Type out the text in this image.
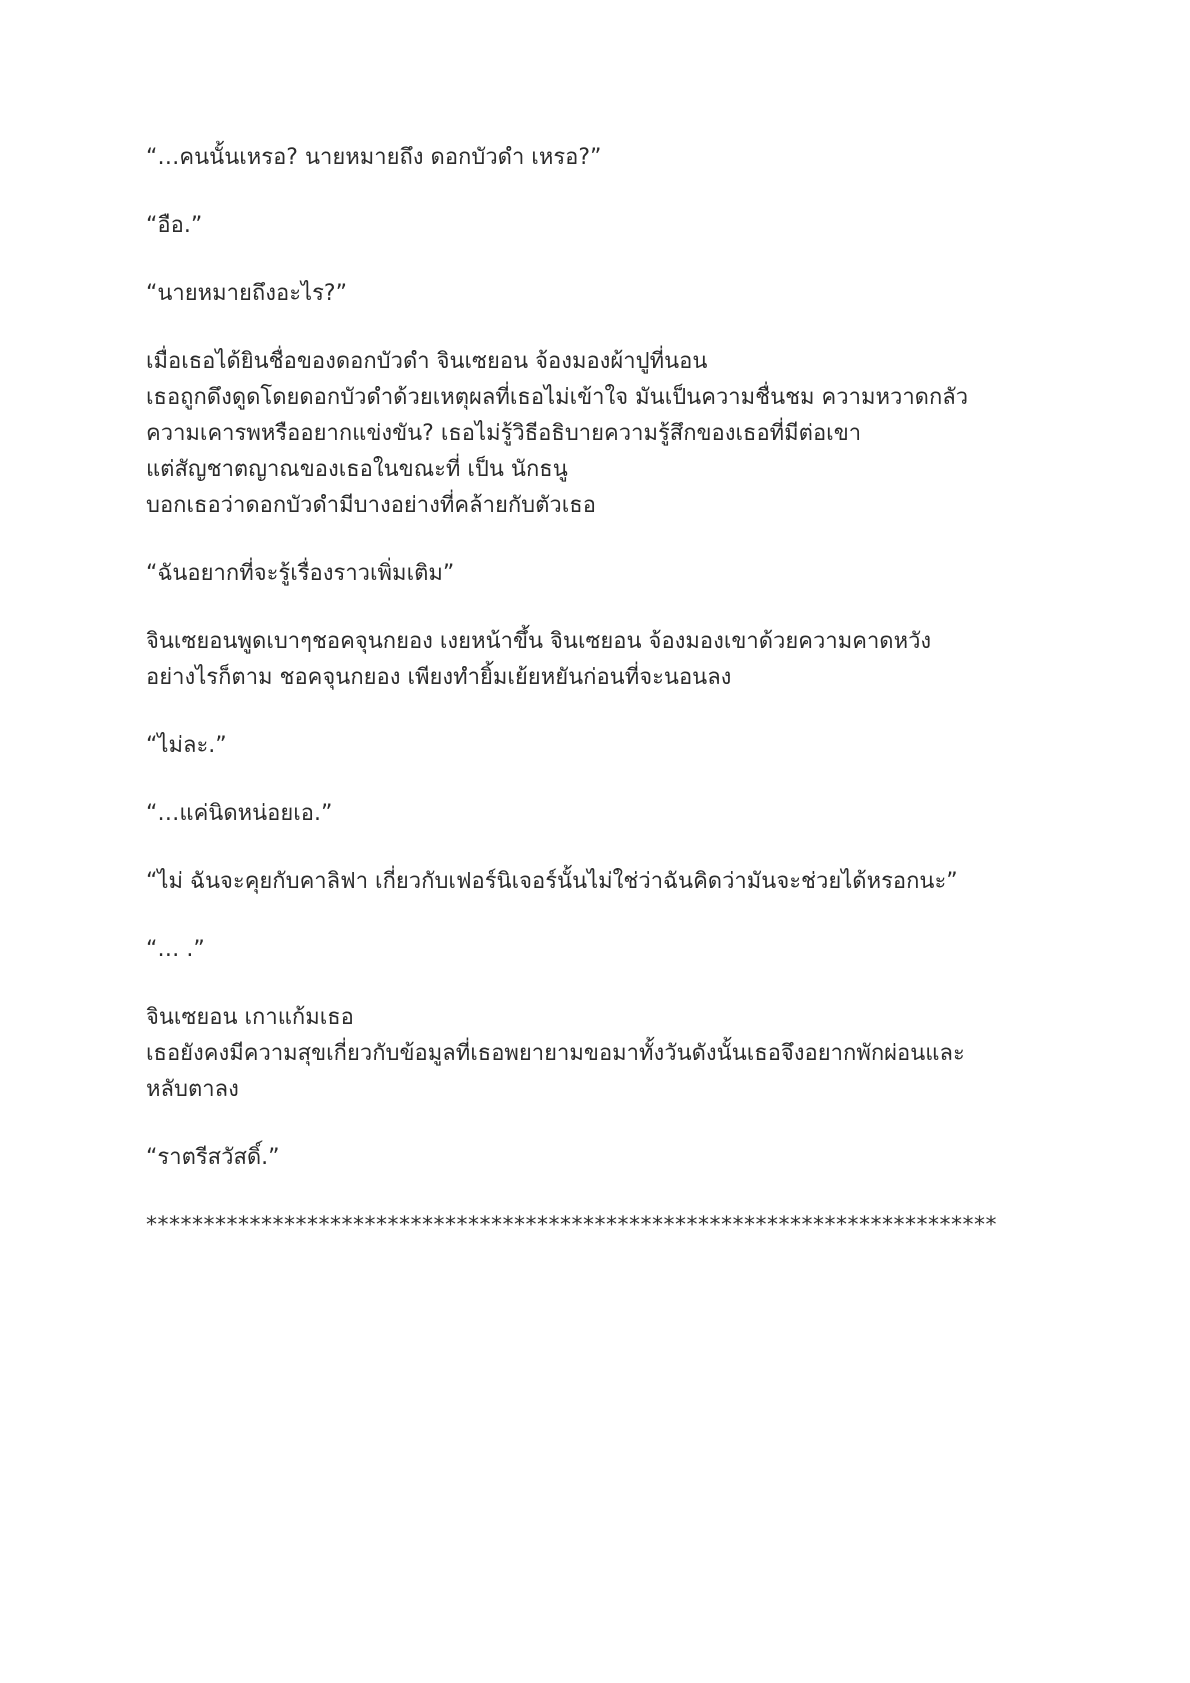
“…คนนั้นเหรอ? นายหมายถึง ดอกบัวดำ เหรอ?”
“อือ.”
“นายหมายถึงอะไร?”
เมื่อเธอได้ยินชื่อของดอกบัวดำ จินเซยอน จ้องมองผ้าปูที่นอน
เธอถูกดึงดูดโดยดอกบัวดำด้วยเหตุผลที่เธอไม่เข้าใจ มันเป็นความชื่นชม ความหวาดกลัว
ความเคารพหรืออยากแข่งขัน? เธอไม่รู้วิธีอธิบายความรู้สึกของเธอที่มีต่อเขา
แต่สัญชาตญาณของเธอในขณะที่ เป็น นักธนู
บอกเธอว่าดอกบัวดำมีบางอย่างที่คล้ายกับตัวเธอ
“ฉันอยากที่จะรู้เรื่องราวเพิ่มเติม”
จินเซยอนพูดเบาๆชอคจุนกยอง เงยหน้าขึ้น จินเซยอน จ้องมองเขาด้วยความคาดหวัง
อย่างไรก็ตาม ชอคจุนกยอง เพียงทำยิ้มเย้ยหยันก่อนที่จะนอนลง
“ไม่ละ.”
“…แค่นิดหน่อยเอ.”
“ไม่ ฉันจะคุยกับคาลิฟา เกี่ยวกับเฟอร์นิเจอร์นั้นไม่ใช่ว่าฉันคิดว่ามันจะช่วยได้หรอกนะ”
“… .”
จินเซยอน เกาแก้มเธอ
เธอยังคงมีความสุขเกี่ยวกับข้อมูลที่เธอพยายามขอมาทั้งวันดังนั้นเธอจึงอยากพักผ่อนและ
หลับตาลง
“ราตรีสวัสดิ์.”
**************************************************************************
